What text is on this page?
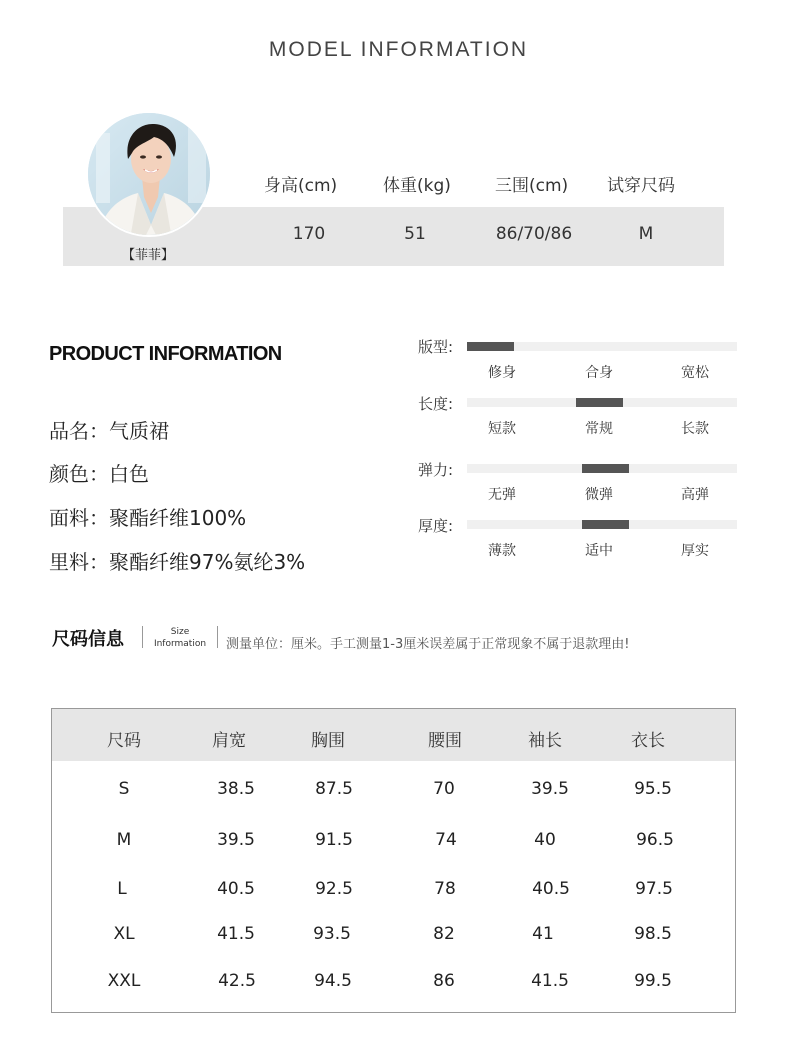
MODEL INFORMATION
【菲菲】
身高(cm)	体重(kg)	三围(cm) 试穿尺码
170	51	86/70/86	M
PRODUCT INFORMATION
品名：气质裙
颜色：白色
面料：聚酯纤维100%
里料：聚酯纤维97%氨纶3%
版型:
修身	合身	宽松
长度:
短款	常规	长款
弹力:
无弹	微弹	高弹
厚度:
薄款	适中	厚实
尺码信息	Size
Information	测量单位：厘米。手工测量1-3厘米误差属于正常现象不属于退款理由!
尺码	肩宽	胸围	腰围	袖长	衣长
S	38.5	87.5	70	39.5	95.5
M	39.5	91.5	74	40	96.5
L	40.5	92.5	78	40.5	97.5
XL	41.5	93.5	82	41	98.5
XXL	42.5	94.5	86	41.5	99.5
